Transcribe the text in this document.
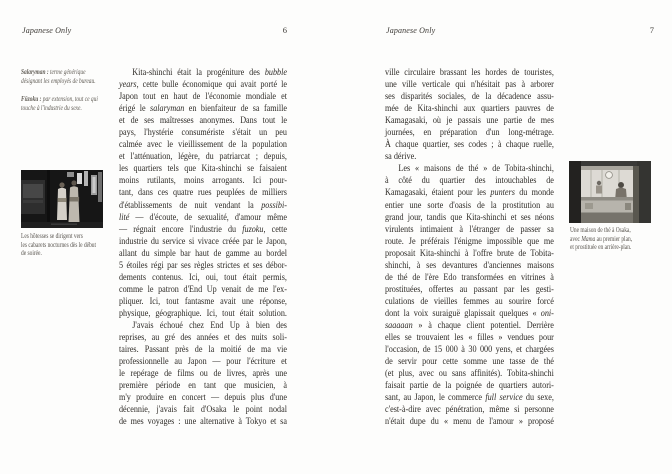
Japanese Only	6

Salaryman : terme générique
désignant les employés de bureau.

Fūzoku : par extension, tout ce qui
touche à l'industrie du sexe.

Les hôtesses se dirigent vers
les cabarets nocturnes dès le début
de soirée.
Kita-shinchi était la progéniture des bubble
years, cette bulle économique qui avait porté le
Japon tout en haut de l'économie mondiale et
érigé le salaryman en bienfaiteur de sa famille
et de ses maîtresses anonymes. Dans tout le
pays, l'hystérie consumériste s'était un peu
calmée avec le vieillissement de la population
et l'atténuation, légère, du patriarcat ; depuis,
les quartiers tels que Kita-shinchi se faisaient
moins rutilants, moins arrogants. Ici pour-
tant, dans ces quatre rues peuplées de milliers
d'établissements de nuit vendant la possibi-
lité — d'écoute, de sexualité, d'amour même
— régnait encore l'industrie du fuzoku, cette
industrie du service si vivace créée par le Japon,
allant du simple bar haut de gamme au bordel
5 étoiles régi par ses règles strictes et ses débor-
dements contenus. Ici, oui, tout était permis,
comme le patron d'End Up venait de me l'ex-
pliquer. Ici, tout fantasme avait une réponse,
physique, géographique. Ici, tout était solution.
J'avais échoué chez End Up à bien des
reprises, au gré des années et des nuits soli-
taires. Passant près de la moitié de ma vie
professionnelle au Japon — pour l'écriture et
le repérage de films ou de livres, après une
première période en tant que musicien, à
m'y produire en concert — depuis plus d'une
décennie, j'avais fait d'Osaka le point nodal
de mes voyages : une alternative à Tokyo et sa
Japanese Only	7
Une maison de thé à Osaka,
avec Mama au premier plan,
et prostituée en arrière-plan.
ville circulaire brassant les hordes de touristes,
une ville verticale qui n'hésitait pas à arborer
ses disparités sociales, de la décadence assu-
mée de Kita-shinchi aux quartiers pauvres de
Kamagasaki, où je passais une partie de mes
journées, en préparation d'un long-métrage.
À chaque quartier, ses codes ; à chaque ruelle,
sa dérive.
Les « maisons de thé » de Tobita-shinchi,
à côté du quartier des intouchables de
Kamagasaki, étaient pour les punters du monde
entier une sorte d'oasis de la prostitution au
grand jour, tandis que Kita-shinchi et ses néons
virulents intimaient à l'étranger de passer sa
route. Je préférais l'énigme impossible que me
proposait Kita-shinchi à l'offre brute de Tobita-
shinchi, à ses devantures d'anciennes maisons
de thé de l'ère Edo transformées en vitrines à
prostituées, offertes au passant par les gesti-
culations de vieilles femmes au sourire forcé
dont la voix suraiguë glapissait quelques « oni-
saaaaan » à chaque client potentiel. Derrière
elles se trouvaient les « filles » vendues pour
l'occasion, de 15 000 à 30 000 yens, et chargées
de servir pour cette somme une tasse de thé
(et plus, avec ou sans affinités). Tobita-shinchi
faisait partie de la poignée de quartiers autori-
sant, au Japon, le commerce full service du sexe,
c'est-à-dire avec pénétration, même si personne
n'était dupe du « menu de l'amour » proposé
